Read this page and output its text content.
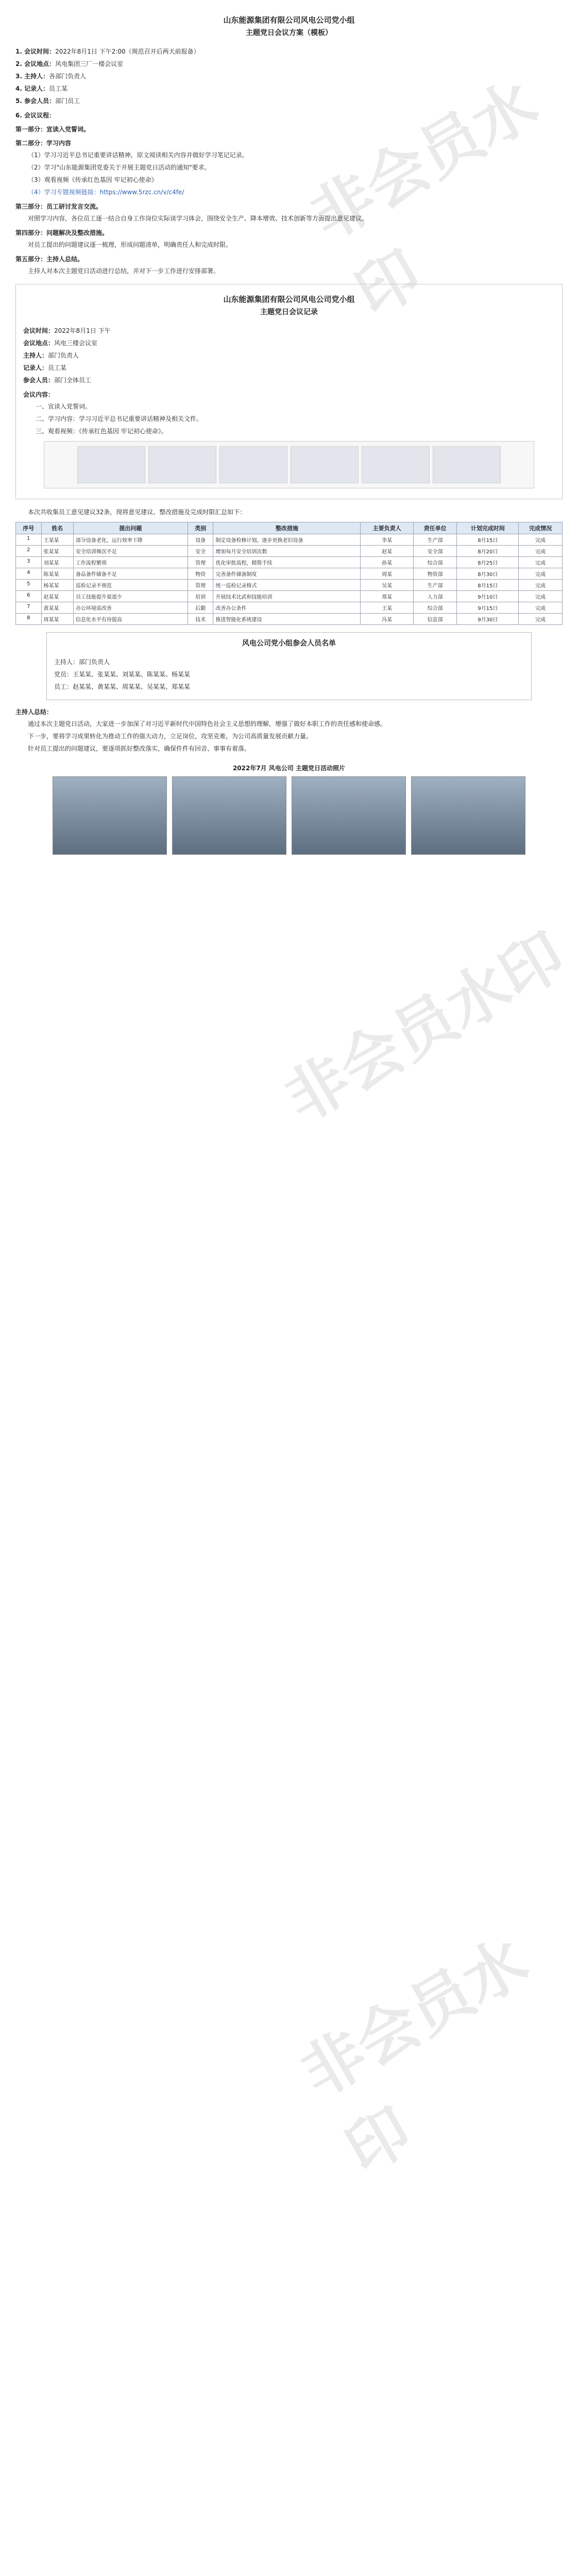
非会员水印
非会员水印
非会员水印
山东能源集团有限公司风电公司党小组
主题党日会议方案（模板）
1. 会议时间：2022年8月1日 下午2:00（规范召开后两天前报备）
2. 会议地点：风电集团三厂一楼会议室
3. 主持人：各部门负责人
4. 记录人：员工某
5. 参会人员：部门员工
6. 会议议程：
第一部分：宣读入党誓词。
第二部分：学习内容
（1）学习习近平总书记重要讲话精神，原文阅读相关内容并做好学习笔记记录。
（2）学习"山东能源集团党委关于开展主题党日活动的通知"要求。
（3）观看视频《传承红色基因 牢记初心使命》
（4）学习专题视频链接：https://www.5rzc.cn/v/c4fe/
第三部分：员工研讨发言交流。
对照学习内容，各位员工逐一结合自身工作岗位实际谈学习体会，围绕安全生产、降本增效、技术创新等方面提出意见建议。
第四部分：问题解决及整改措施。
对员工提出的问题建议逐一梳理，形成问题清单，明确责任人和完成时限。
第五部分：主持人总结。
主持人对本次主题党日活动进行总结，并对下一步工作进行安排部署。
山东能源集团有限公司风电公司党小组
主题党日会议记录
会议时间：2022年8月1日 下午
会议地点：风电三楼会议室
主持人：部门负责人
记录人：员工某
参会人员：部门全体员工
会议内容：
一、宣读入党誓词。
二、学习内容：学习习近平总书记重要讲话精神及相关文件。
三、观看视频：《传承红色基因 牢记初心使命》。
本次共收集员工意见建议32条，现将意见建议、整改措施及完成时限汇总如下：
序号	姓名	提出问题	类别	整改措施	主要负责人	责任单位	计划完成时间	完成情况
1	王某某	部分设备老化，运行效率下降	设备	制定设备检修计划，逐步更换老旧设备	李某	生产部	8月15日	完成
2	张某某	安全培训频次不足	安全	增加每月安全培训次数	赵某	安全部	8月20日	完成
3	刘某某	工作流程繁琐	管理	优化审批流程，精简手续	孙某	综合部	8月25日	完成
4	陈某某	备品备件储备不足	物资	完善备件储备制度	周某	物资部	8月30日	完成
5	杨某某	巡检记录不规范	管理	统一巡检记录格式	吴某	生产部	8月15日	完成
6	赵某某	员工技能提升渠道少	培训	开展技术比武和技能培训	郑某	人力部	9月10日	完成
7	黄某某	办公环境需改善	后勤	改善办公条件	王某	综合部	9月15日	完成
8	周某某	信息化水平有待提高	技术	推进智能化系统建设	冯某	信息部	9月30日	完成
风电公司党小组参会人员名单
主持人：部门负责人
党员：王某某、张某某、刘某某、陈某某、杨某某
员工：赵某某、黄某某、周某某、吴某某、郑某某
主持人总结：
通过本次主题党日活动，大家进一步加深了对习近平新时代中国特色社会主义思想的理解，增强了做好本职工作的责任感和使命感。
下一步，要将学习成果转化为推动工作的强大动力，立足岗位，攻坚克难，为公司高质量发展贡献力量。
针对员工提出的问题建议，要逐项抓好整改落实，确保件件有回音、事事有着落。
2022年7月 风电公司 主题党日活动照片
